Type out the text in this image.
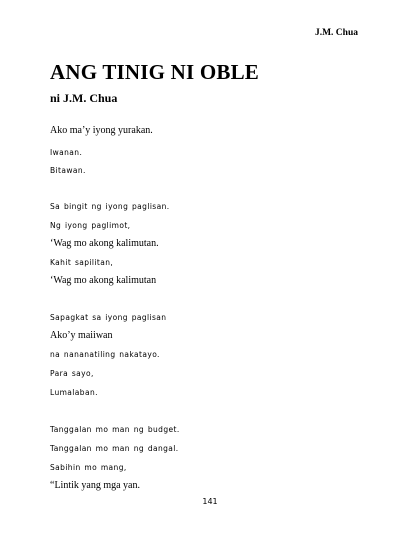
J.M. Chua
ANG TINIG NI OBLE
ni J.M. Chua

Ako ma’y iyong yurakan.

Iwanan.

Bitawan.

Sa bingit ng iyong paglisan.

Ng iyong paglimot,

‘Wag mo akong kalimutan.

Kahit sapilitan,

‘Wag mo akong kalimutan

Sapagkat sa iyong paglisan

Ako’y maiiwan

na nananatiling nakatayo.

Para sayo,

Lumalaban.

Tanggalan mo man ng budget.

Tanggalan mo man ng dangal.

Sabihin mo mang,

“Lintik yang mga yan.

141
